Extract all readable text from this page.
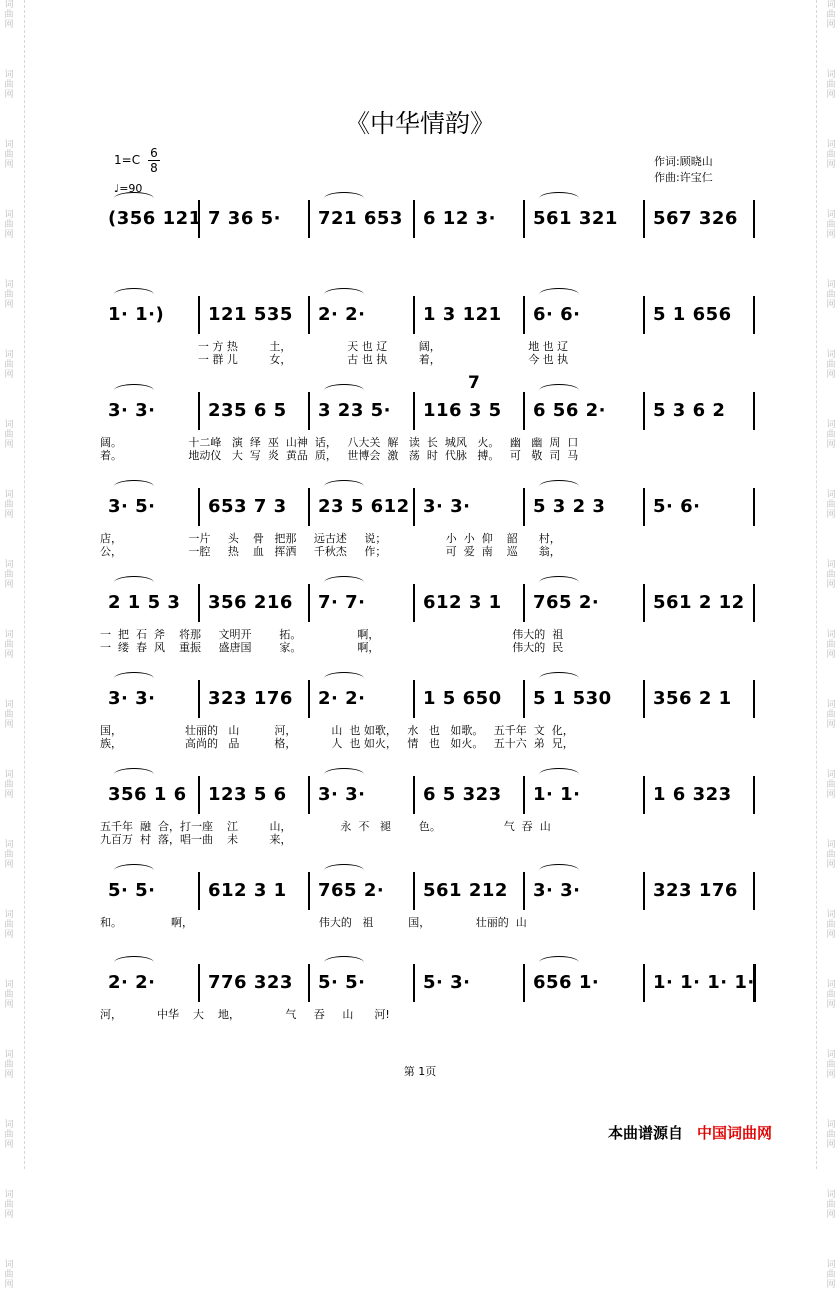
词
曲
网

词
曲
网

词
曲
网

词
曲
网

词
曲
网

词
曲
网

词
曲
网

词
曲
网

词
曲
网

词
曲
网

词
曲
网

词
曲
网

词
曲
网

词
曲
网

词
曲
网

词
曲
网

词
曲
网

词
曲
网

词
曲
网
词
曲
网

词
曲
网

词
曲
网

词
曲
网

词
曲
网

词
曲
网

词
曲
网

词
曲
网

词
曲
网

词
曲
网

词
曲
网

词
曲
网

词
曲
网

词
曲
网

词
曲
网

词
曲
网

词
曲
网

词
曲
网

词
曲
网
《中华情韵》
1=C 6
8
♩=90
作词:顾晓山
作曲:许宝仁
7
(356 121 7 36 5· 721 653 6 12 3· 561 321 567 326
1· 1·) 121 535 2· 2·	1 3 121 6· 6·	5 1 656
一 方 热         土，                天 也 辽         阔，                         地 也 辽
一 群 儿         女，                古 也 执         着，                         今 也 执
3· 3·	235 6 5 3 23 5· 116 3 5 6 56 2·	5 3 6 2
阔。                   十二峰   演  绎  巫  山神  话，   八大关  解   读  长  城风   火。   幽   幽  周  口
着。                   地动仪   大  写  炎  黄品  质，   世博会  激   荡  时  代脉   搏。   可   敬  司  马
3· 5·	653 7 3 23 5 612 3· 3·	5 3 2 3	5· 6·
店，                   一片     头    骨   把那     远古述     说；                 小  小  仰    韶      村，
公，                   一腔     热    血   挥洒     千秋杰     作；                 可  爱  南    巡      翁，
2 1 5 3 356 216 7· 7·	612 3 1 765 2·	561 2 12
一  把  石  斧    将那     文明开        拓。                啊，                                      伟大的  祖
一  缕  春  风    重振     盛唐国        家。                啊，                                      伟大的  民
3· 3·	323 176 2· 2·	1 5 650 5 1 530 356 2 1
国，                  壮丽的   山          河，          山  也 如歌，   水   也   如歌。   五千年  文  化，
族，                  高尚的   品          格，          人  也 如火，   情   也   如火。   五十六  弟  兄，
356 1 6 123 5 6 3· 3·	6 5 323 1· 1·	1 6 323
五千年  融  合，打一座    江         山，              永  不   褪        色。                  气  吞  山
九百万  村  落，唱一曲    未         来，
5· 5·	612 3 1 765 2· 561 212 3· 3·	323 176
和。              啊，                                    伟大的   祖          国，             壮丽的  山
2· 2·	776 323 5· 5·	5· 3·	656 1·	1· 1· 1· 1·
河，          中华    大    地，             气     吞     山      河!
第 1页
本曲谱源自 中国词曲网
